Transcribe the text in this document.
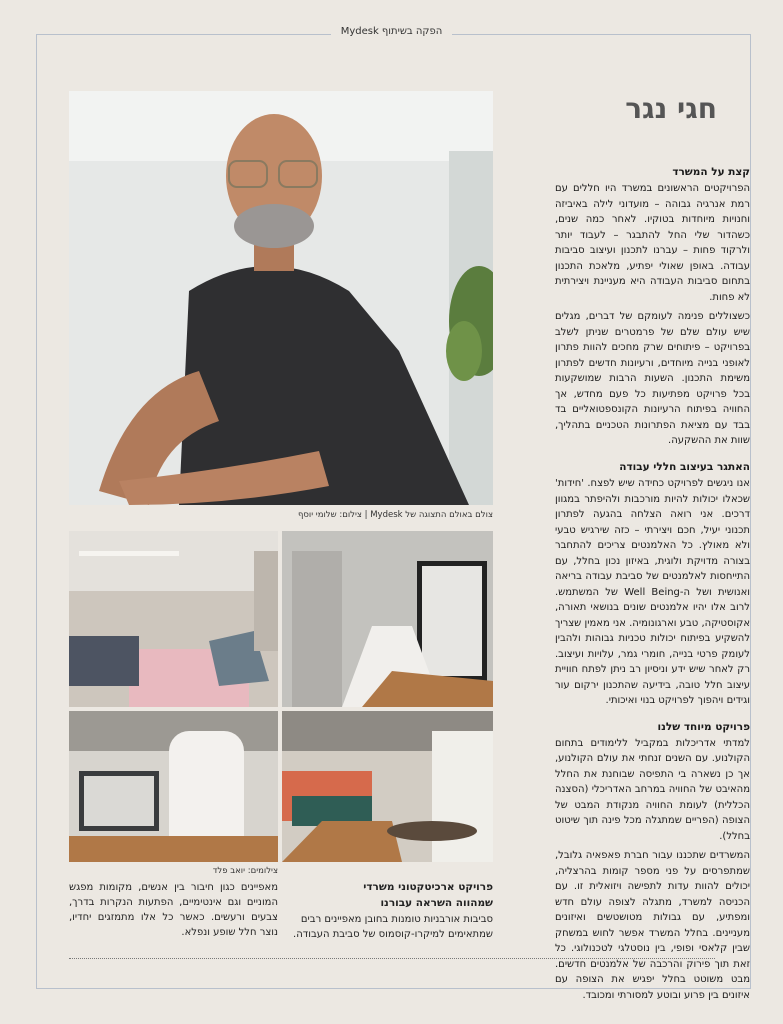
הפקה בשיתוף Mydesk
חגי נגר
צולם באולם התצוגה של Mydesk | צילום: שלומי יוסף
צילומים: יואב פלד
קצת על המשרד

הפרויקטים הראשונים במשרד היו חללים עם רמת אנרגיה גבוהה – מועדוני לילה באיביזה וחנויות מיוחדות בטוקיו. לאחר כמה שנים, כשהדור שלי החל להתבגר – לעבוד יותר ולרקוד פחות – עברנו לתכנון ועיצוב סביבות עבודה. באופן שאולי יפתיע, מלאכת התכנון בתחום סביבות העבודה היא מעניינת ויצירתית לא פחות.

כשצוללים פנימה לעומקם של דברים, מגלים שיש עולם שלם של פרמטרים שניתן לשלב בפרויקט – פיתוחים שרק מחכים להוות פתרון לאופני בנייה מיוחדים, ורעיונות חדשים לפתרון משימת התכנון. השעות הרבות שמושקעות בכל פרויקט מפתיעות כל פעם מחדש, אך החוויה בפיתוח הרעיונות הקונספטואליים בד בבד עם מציאת הפתרונות הטכניים בתהליך, שוות את ההשקעה.

האתגר בעיצוב חללי עבודה

אנו ניגשים לפרויקט כחידה שיש לפצח. 'חידות' שכאלו יכולות להיות מורכבות ולהיפתר במגוון דרכים. אני רואה הצלחה בהגעה לפתרון תכנוני יעיל, חכם ויצירתי – כזה שירגיש טבעי ולא מאולץ. כל האלמנטים צריכים להתחבר בצורה מדויקת ולוגית, באיזון נכון בחלל, עם התייחסות לאלמנטים של סביבת עבודה בריאה ואנושית ושל ה-Well Being של המשתמש. לרוב אלו יהיו אלמנטים שונים בנושאי תאורה, אקוסטיקה, טבע וארגונומיה. אני מאמין שצריך להשקיע בפיתוח יכולות טכניות גבוהות ולהבין לעומק פרטי בנייה, חומרי גמר, עלויות ועיצוב. רק לאחר שיש ידע וניסיון רב ניתן לפתח חוויית עיצוב חלל טובה, בידיעה שהתכנון ירקום עור וגידים ויהפוך לפרויקט בנוי ואיכותי.

פרויקט מיוחד שלנו

למדתי אדריכלות במקביל ללימודים בתחום הקולנוע. עם השנים זנחתי את עולם הקולנוע, אך כן נשארה בי התפיסה שבוחנת את החלל מהאיבט של החוויה במרחב האדריכלי (הסצנה הכללית) לעומת החוויה מנקודת המבט של הצופה (הפריים שמתגלה מכל פינה תוך שיטוט בחלל).

המשרדים שתכננו עבור חברת פאפאיה גלובל, שמתפרסים על פני מספר קומות בהרצליה, יכולים להוות עדות לתפישה ויזואלית זו. עם הכניסה למשרד, מתגלה לצופה עולם חדש ומפתיע, עם גבולות מטושטשים ואיזונים מעניינים. בחלל המשרד אפשר לחוש במשחק שבין קלאסי ופופי, בין נוסטלגי לטכנולוגי. כל זאת תוך פירוק והרכבה של אלמנטים חדשים. מבט משוטט בחלל יפגיש את הצופה עם איזונים בין פרוע ובוטע למסורתי ומכובד.

פרויקט ארכיטקטוני משרדי
שמהווה השראה עבורנו
סביבות אורבניות טומנות בחובן מאפיינים רבים שמתאימים למיקרו-קוסמוס של סביבת העבודה.
מאפיינים כגון חיבור בין אנשים, מקומות מפגש המוניים וגם אינטימיים, הפתעות הנקרות בדרך, צבעים ורעשים. כאשר כל אלו מתמזגים יחדיו, נוצר חלל שופע ונפלא.
